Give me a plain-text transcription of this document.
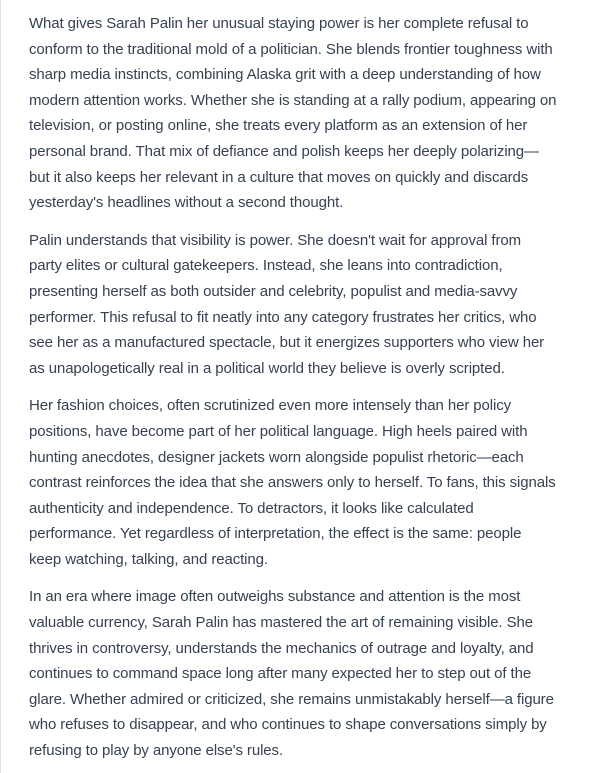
What gives Sarah Palin her unusual staying power is her complete refusal to
conform to the traditional mold of a politician. She blends frontier toughness with
sharp media instincts, combining Alaska grit with a deep understanding of how
modern attention works. Whether she is standing at a rally podium, appearing on
television, or posting online, she treats every platform as an extension of her
personal brand. That mix of defiance and polish keeps her deeply polarizing—
but it also keeps her relevant in a culture that moves on quickly and discards
yesterday's headlines without a second thought.

Palin understands that visibility is power. She doesn't wait for approval from
party elites or cultural gatekeepers. Instead, she leans into contradiction,
presenting herself as both outsider and celebrity, populist and media-savvy
performer. This refusal to fit neatly into any category frustrates her critics, who
see her as a manufactured spectacle, but it energizes supporters who view her
as unapologetically real in a political world they believe is overly scripted.

Her fashion choices, often scrutinized even more intensely than her policy
positions, have become part of her political language. High heels paired with
hunting anecdotes, designer jackets worn alongside populist rhetoric—each
contrast reinforces the idea that she answers only to herself. To fans, this signals
authenticity and independence. To detractors, it looks like calculated
performance. Yet regardless of interpretation, the effect is the same: people
keep watching, talking, and reacting.

In an era where image often outweighs substance and attention is the most
valuable currency, Sarah Palin has mastered the art of remaining visible. She
thrives in controversy, understands the mechanics of outrage and loyalty, and
continues to command space long after many expected her to step out of the
glare. Whether admired or criticized, she remains unmistakably herself—a figure
who refuses to disappear, and who continues to shape conversations simply by
refusing to play by anyone else's rules.
